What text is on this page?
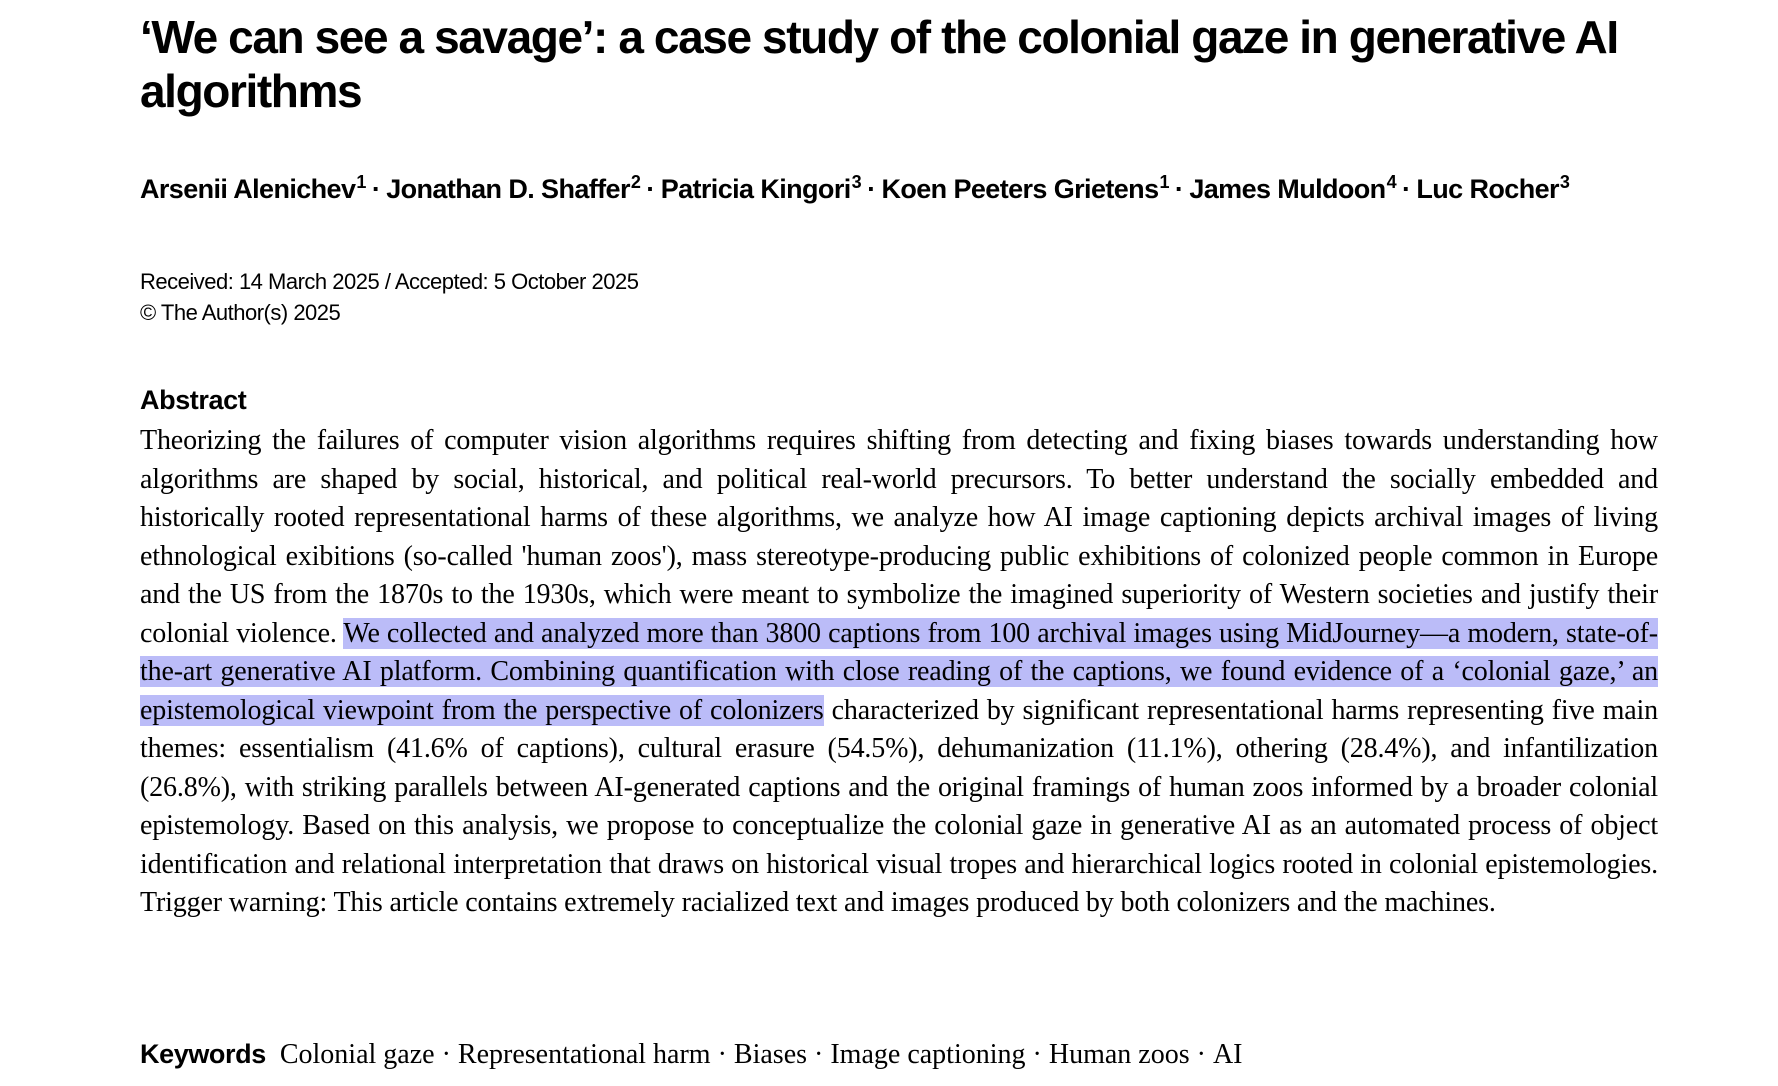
‘We can see a savage’: a case study of the colonial gaze in generative AI algorithms
Arsenii Alenichev$^1$ · Jonathan D. Shaffer$^2$ · Patricia Kingori$^3$ · Koen Peeters Grietens$^1$ · James Muldoon$^4$ · Luc Rocher$^3$
Received: 14 March 2025 / Accepted: 5 October 2025
© The Author(s) 2025
Abstract

Theorizing the failures of computer vision algorithms requires shifting from detecting and fixing biases towards understanding how algorithms are shaped by social, historical, and political real-world precursors. To better understand the socially embedded and historically rooted representational harms of these algorithms, we analyze how AI image captioning depicts archival images of living ethnological exibitions (so-called 'human zoos'), mass stereotype-producing public exhibitions of colonized people common in Europe and the US from the 1870s to the 1930s, which were meant to symbolize the imagined superiority of Western societies and justify their colonial violence. We collected and analyzed more than 3800 captions from 100 archival images using MidJourney—a modern, state-of-the-art generative AI platform. Combining quantification with close reading of the captions, we found evidence of a ‘colonial gaze,’ an epistemological viewpoint from the perspective of colonizers characterized by significant representational harms representing five main themes: essentialism (41.6% of captions), cultural erasure (54.5%), dehumanization (11.1%), othering (28.4%), and infantilization (26.8%), with striking parallels between AI-generated captions and the original framings of human zoos informed by a broader colonial epistemology. Based on this analysis, we propose to conceptualize the colonial gaze in generative AI as an automated process of object identification and relational interpretation that draws on historical visual tropes and hierarchical logics rooted in colonial epistemologies. Trigger warning: This article contains extremely racialized text and images produced by both colonizers and the machines.

Keywords Colonial gaze · Representational harm · Biases · Image captioning · Human zoos · AI
